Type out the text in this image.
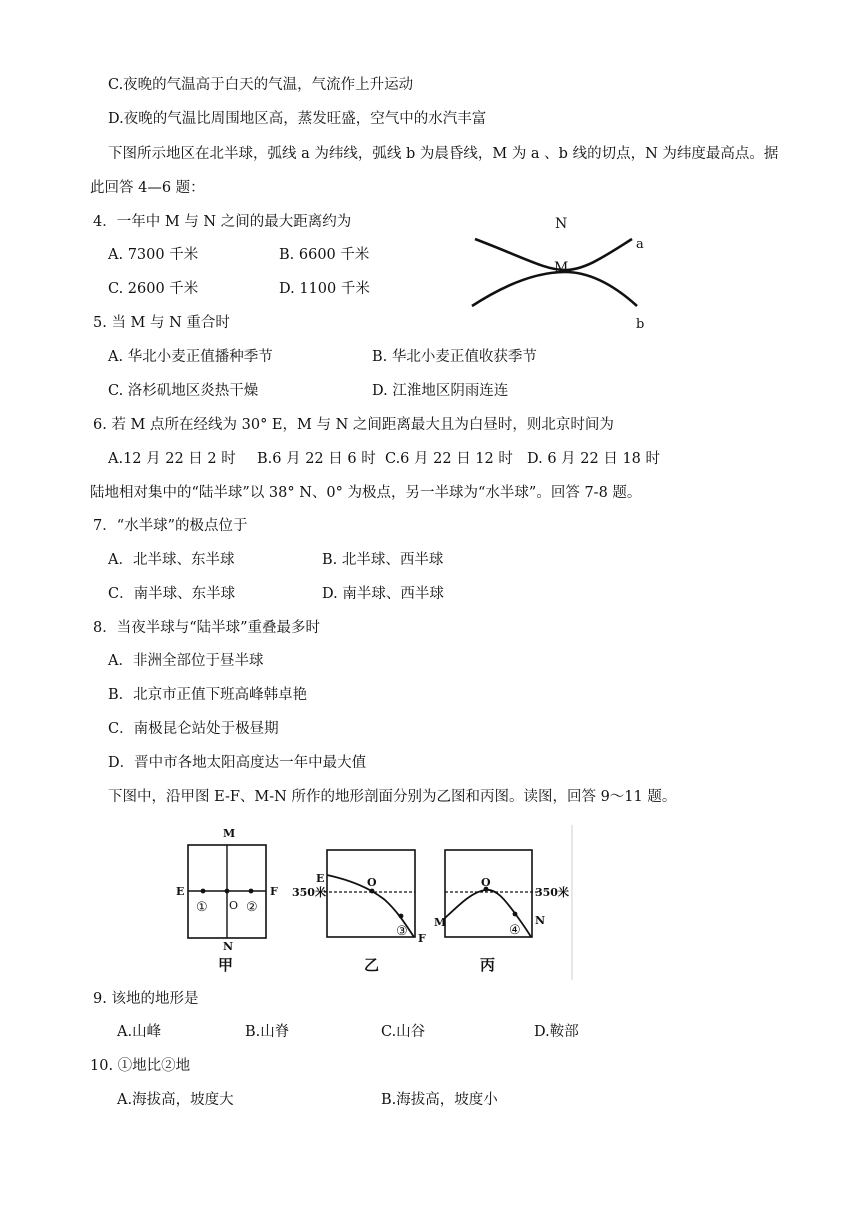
C.夜晚的气温高于白天的气温，气流作上升运动
D.夜晚的气温比周围地区高，蒸发旺盛，空气中的水汽丰富
下图所示地区在北半球，弧线 a 为纬线，弧线 b 为晨昏线，M 为 a 、b 线的切点，N 为纬度最高点。据
此回答 4—6 题：
4．一年中 M 与 N 之间的最大距离约为
A. 7300 千米	B. 6600 千米
C. 2600 千米	D. 1100 千米
5. 当 M 与 N 重合时
A. 华北小麦正值播种季节	B. 华北小麦正值收获季节
C. 洛杉矶地区炎热干燥	D. 江淮地区阴雨连连
6. 若 M 点所在经线为 30° E，M 与 N 之间距离最大且为白昼时，则北京时间为
A.12 月 22 日 2 时 B.6 月 22 日 6 时 C.6 月 22 日 12 时 D. 6 月 22 日 18 时
陆地相对集中的“陆半球”以 38° N、0° 为极点，另一半球为“水半球”。回答 7-8 题。
7．“水半球”的极点位于
A．北半球、东半球	B. 北半球、西半球
C．南半球、东半球	D. 南半球、西半球
8．当夜半球与“陆半球”重叠最多时
A．非洲全部位于昼半球
B．北京市正值下班高峰韩卓艳
C．南极昆仑站处于极昼期
D．晋中市各地太阳高度达一年中最大值
下图中，沿甲图 E-F、M-N 所作的地形剖面分别为乙图和丙图。读图，回答 9～11 题。
9. 该地的地形是
A.山峰	B.山脊	C.山谷	D.鞍部
10. ①地比②地
A.海拔高，坡度大	B.海拔高，坡度小
N
M
a
b
M
N
E	F
O
①	②
甲
E
F
O
③
350米
乙
M	N
O
④
350米
丙
